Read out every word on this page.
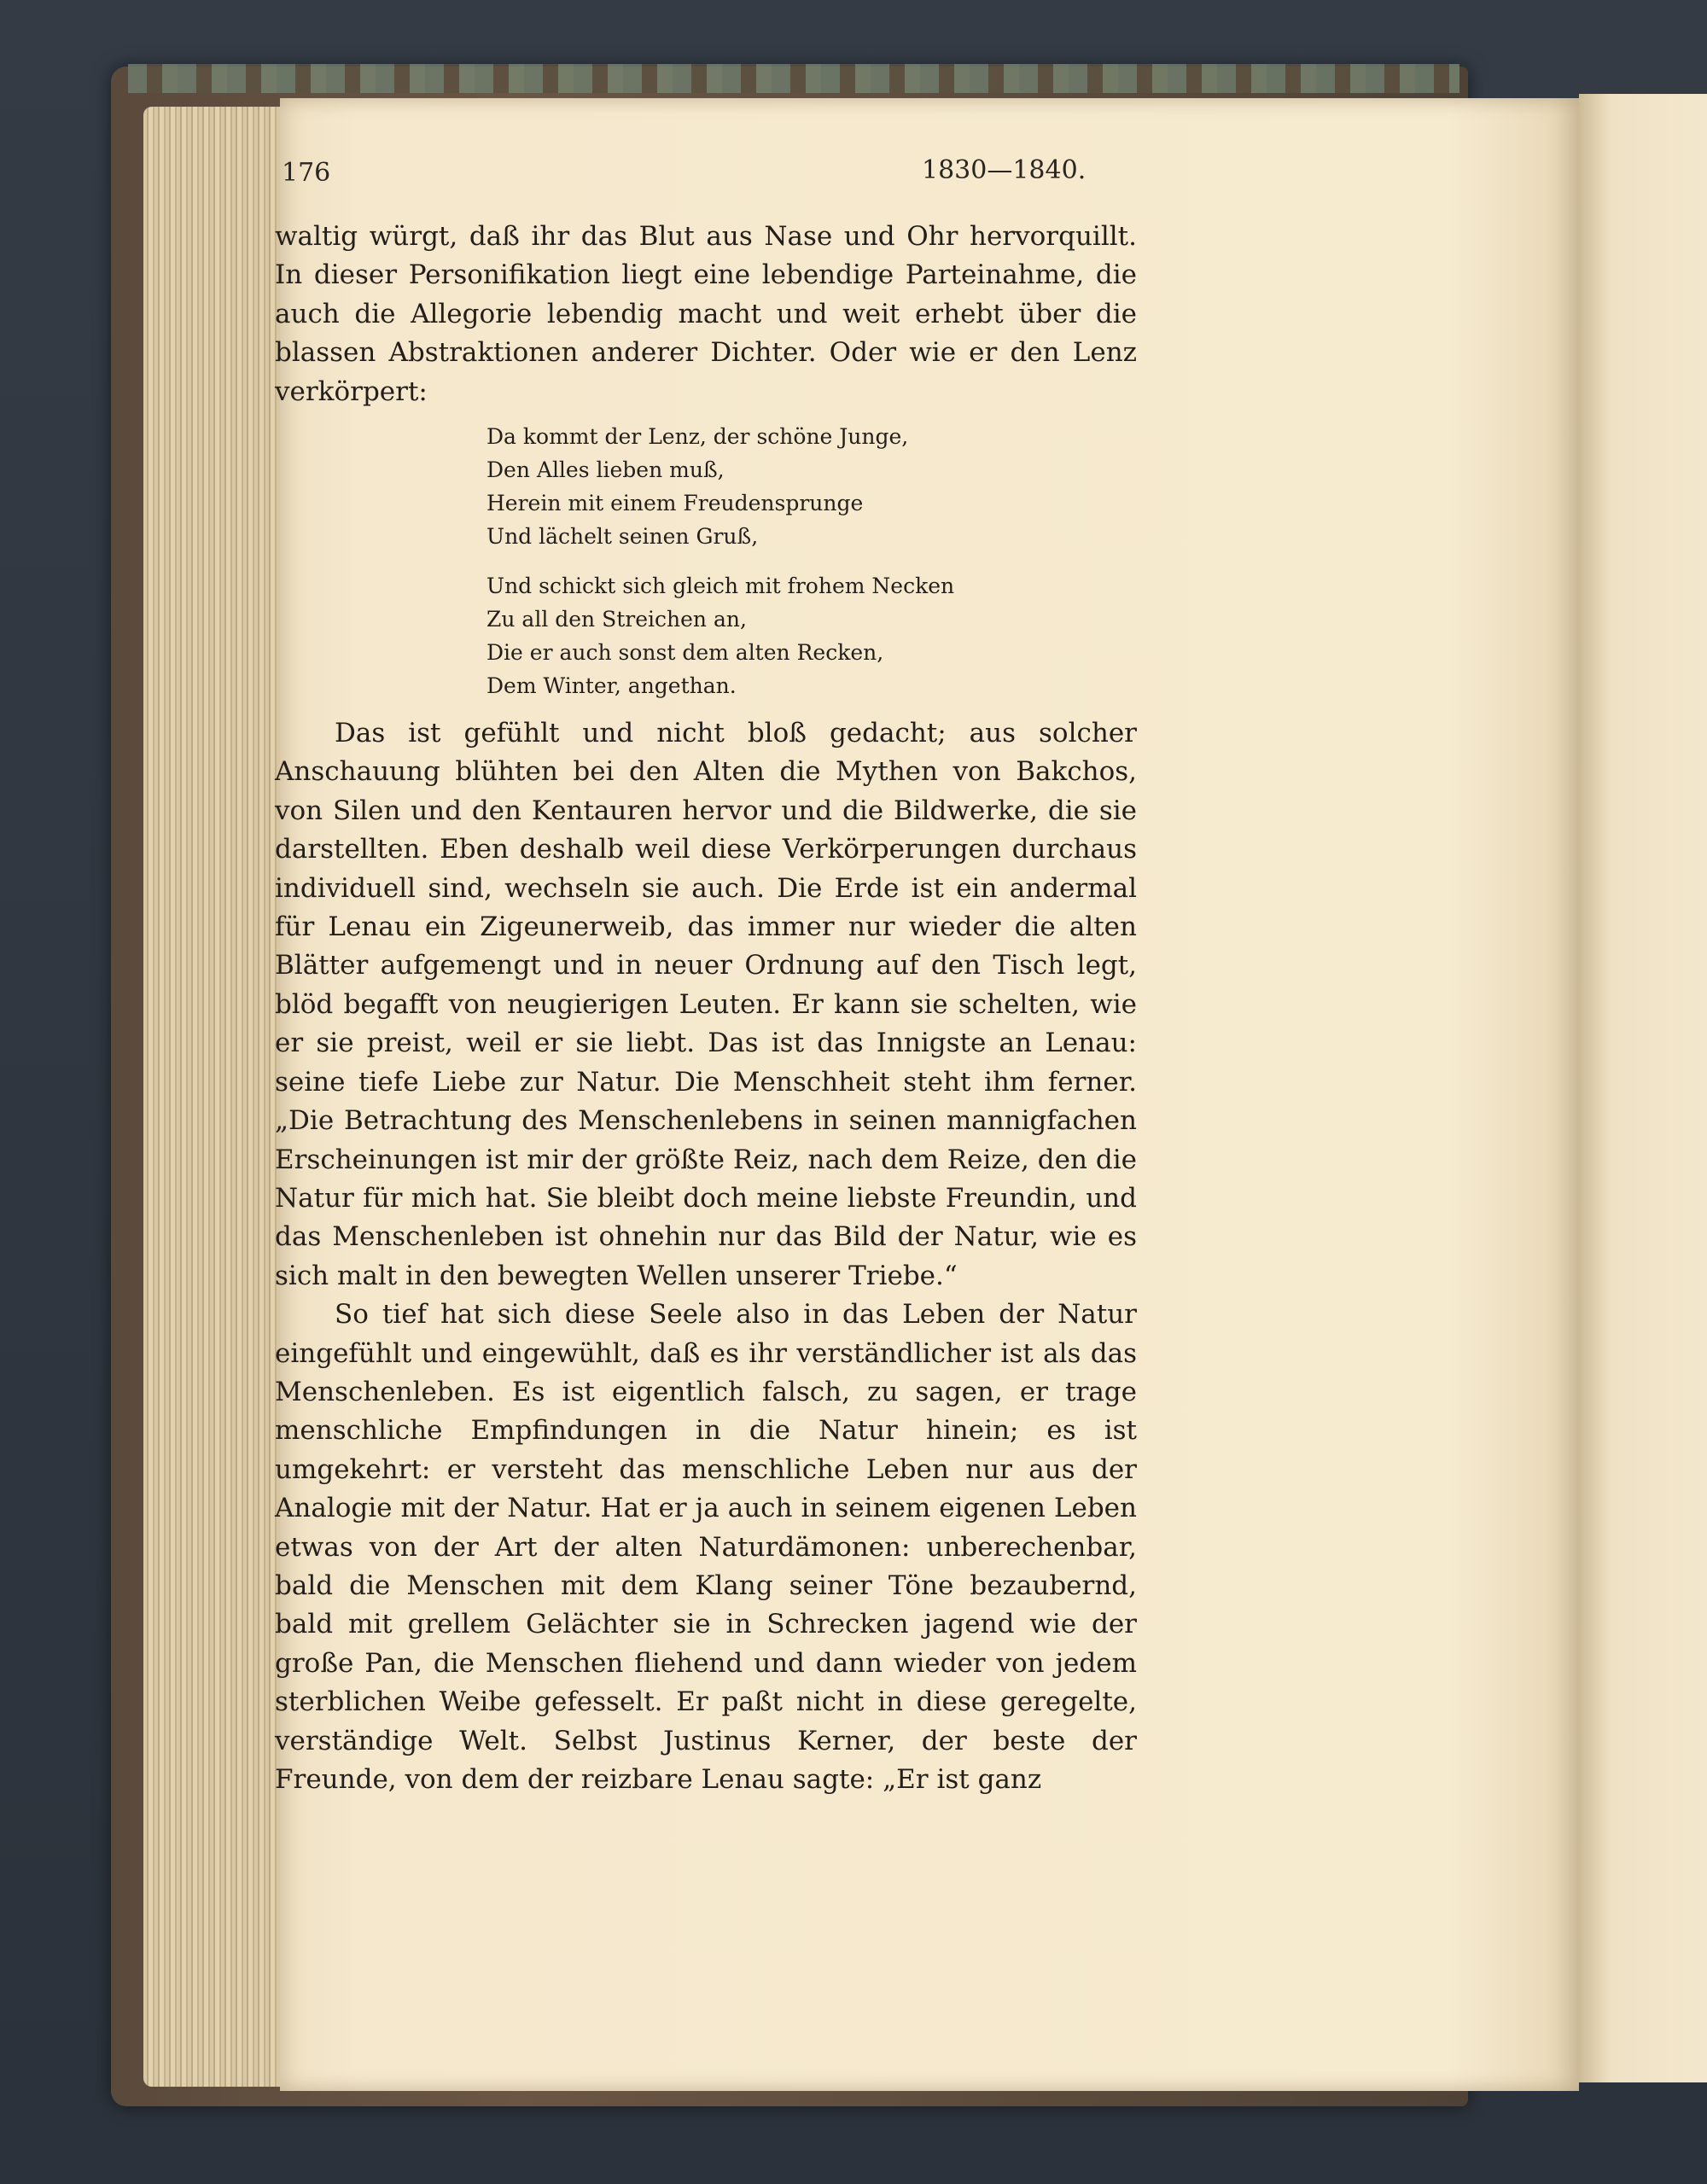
176	1830—1840.

waltig würgt, daß ihr das Blut aus Nase und Ohr hervorquillt. In dieser Personifikation liegt eine lebendige Parteinahme, die auch die Allegorie lebendig macht und weit erhebt über die blassen Abstraktionen anderer Dichter. Oder wie er den Lenz verkörpert:

Da kommt der Lenz, der schöne Junge,
Den Alles lieben muß,
Herein mit einem Freudensprunge
Und lächelt seinen Gruß,
Und schickt sich gleich mit frohem Necken
Zu all den Streichen an,
Die er auch sonst dem alten Recken,
Dem Winter, angethan.

Das ist gefühlt und nicht bloß gedacht; aus solcher Anschauung blühten bei den Alten die Mythen von Bakchos, von Silen und den Kentauren hervor und die Bildwerke, die sie darstellten. Eben deshalb weil diese Verkörperungen durchaus individuell sind, wechseln sie auch. Die Erde ist ein andermal für Lenau ein Zigeunerweib, das immer nur wieder die alten Blätter aufgemengt und in neuer Ordnung auf den Tisch legt, blöd begafft von neugierigen Leuten. Er kann sie schelten, wie er sie preist, weil er sie liebt. Das ist das Innigste an Lenau: seine tiefe Liebe zur Natur. Die Menschheit steht ihm ferner. „Die Betrachtung des Menschenlebens in seinen mannigfachen Erscheinungen ist mir der größte Reiz, nach dem Reize, den die Natur für mich hat. Sie bleibt doch meine liebste Freundin, und das Menschenleben ist ohnehin nur das Bild der Natur, wie es sich malt in den bewegten Wellen unserer Triebe.“

So tief hat sich diese Seele also in das Leben der Natur eingefühlt und eingewühlt, daß es ihr verständlicher ist als das Menschenleben. Es ist eigentlich falsch, zu sagen, er trage menschliche Empfindungen in die Natur hinein; es ist umgekehrt: er versteht das menschliche Leben nur aus der Analogie mit der Natur. Hat er ja auch in seinem eigenen Leben etwas von der Art der alten Naturdämonen: unberechenbar, bald die Menschen mit dem Klang seiner Töne bezaubernd, bald mit grellem Gelächter sie in Schrecken jagend wie der große Pan, die Menschen fliehend und dann wieder von jedem sterblichen Weibe gefesselt. Er paßt nicht in diese geregelte, verständige Welt. Selbst Justinus Kerner, der beste der Freunde, von dem der reizbare Lenau sagte: „Er ist ganz
